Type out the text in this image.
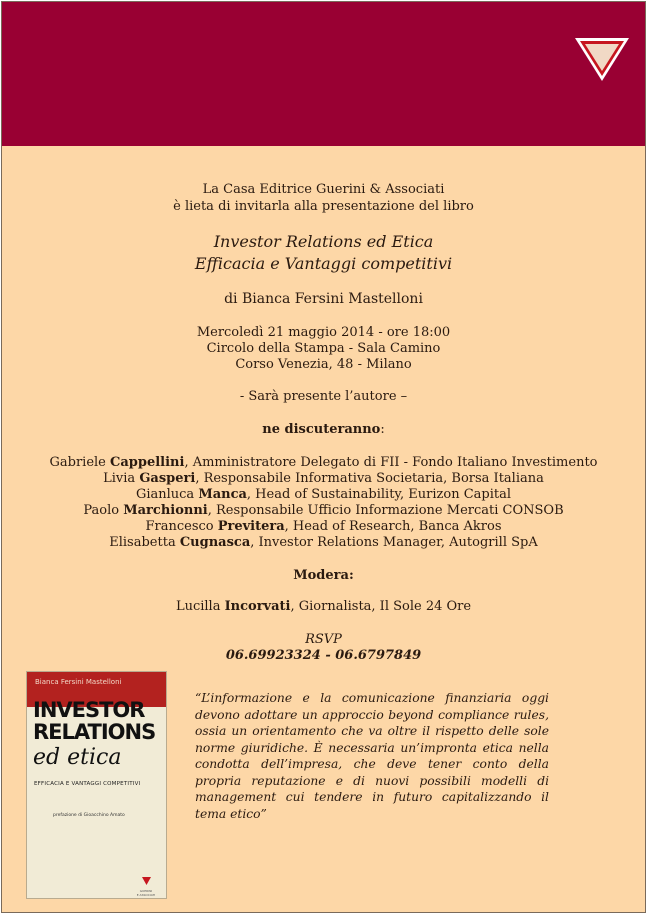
La Casa Editrice Guerini & Associati
è lieta di invitarla alla presentazione del libro
Investor Relations ed Etica
Efficacia e Vantaggi competitivi
di Bianca Fersini Mastelloni
Mercoledì 21 maggio 2014 - ore 18:00
Circolo della Stampa - Sala Camino
Corso Venezia, 48 - Milano
- Sarà presente l’autore –
ne discuteranno:
Gabriele Cappellini, Amministratore Delegato di FII - Fondo Italiano Investimento
Livia Gasperi, Responsabile Informativa Societaria, Borsa Italiana
Gianluca Manca, Head of Sustainability, Eurizon Capital
Paolo Marchionni, Responsabile Ufficio Informazione Mercati CONSOB
Francesco Previtera, Head of Research, Banca Akros
Elisabetta Cugnasca, Investor Relations Manager, Autogrill SpA
Modera:
Lucilla Incorvati, Giornalista, Il Sole 24 Ore
RSVP
06.69923324 - 06.6797849
Bianca Fersini Mastelloni
INVESTOR
RELATIONS
ed etica
EFFICACIA E VANTAGGI COMPETITIVI
prefazione di Gioacchino Amato
GUERINI
E ASSOCIATI
“L’informazione e la comunicazione finanziaria oggi devono adottare un approccio beyond compliance rules, ossia un orientamento che va oltre il rispetto delle sole norme giuridiche. È necessaria un’impronta etica nella condotta dell’impresa, che deve tener conto della propria reputazione e di nuovi possibili modelli di management cui tendere in futuro capitalizzando il tema etico”
